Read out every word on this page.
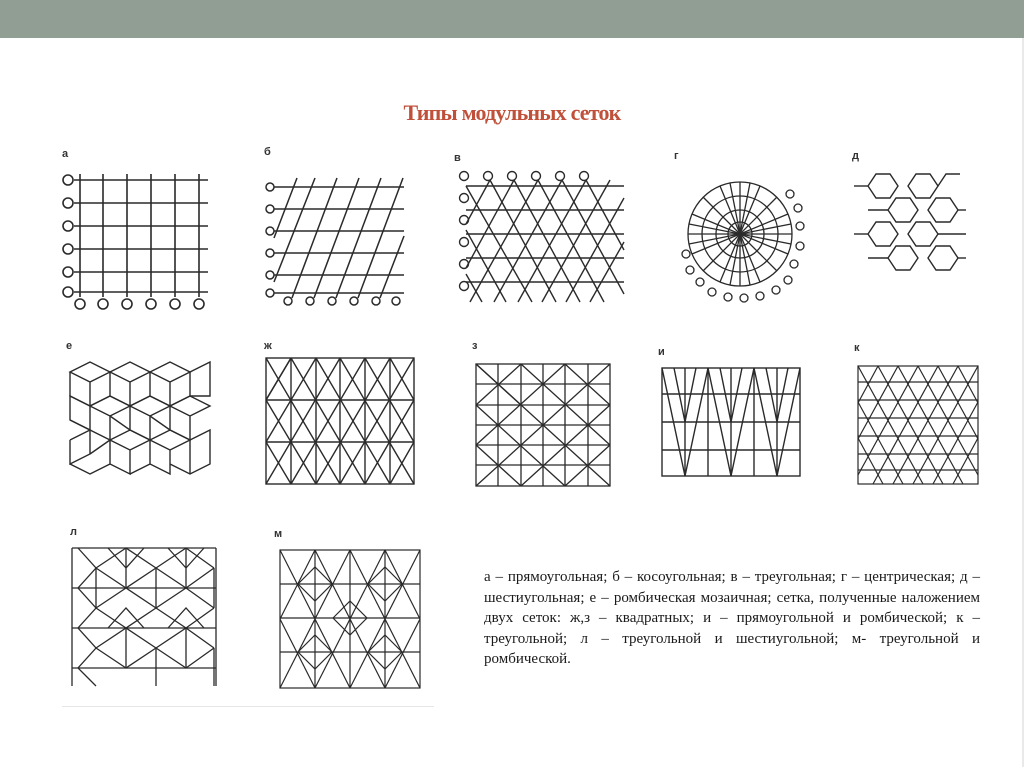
Типы модульных сеток
а	б	в	г	д
е	ж	з	и	к
л	м

а – прямоугольная; б – косоугольная; в – треугольная; г – центрическая; д – шестиугольная; е – ромбическая мозаичная; сетка, полученные наложением двух сеток: ж,з – квадратных; и – прямоугольной и ромбической; к – треугольной; л – треугольной и шестиугольной; м- треугольной и ромбической.
